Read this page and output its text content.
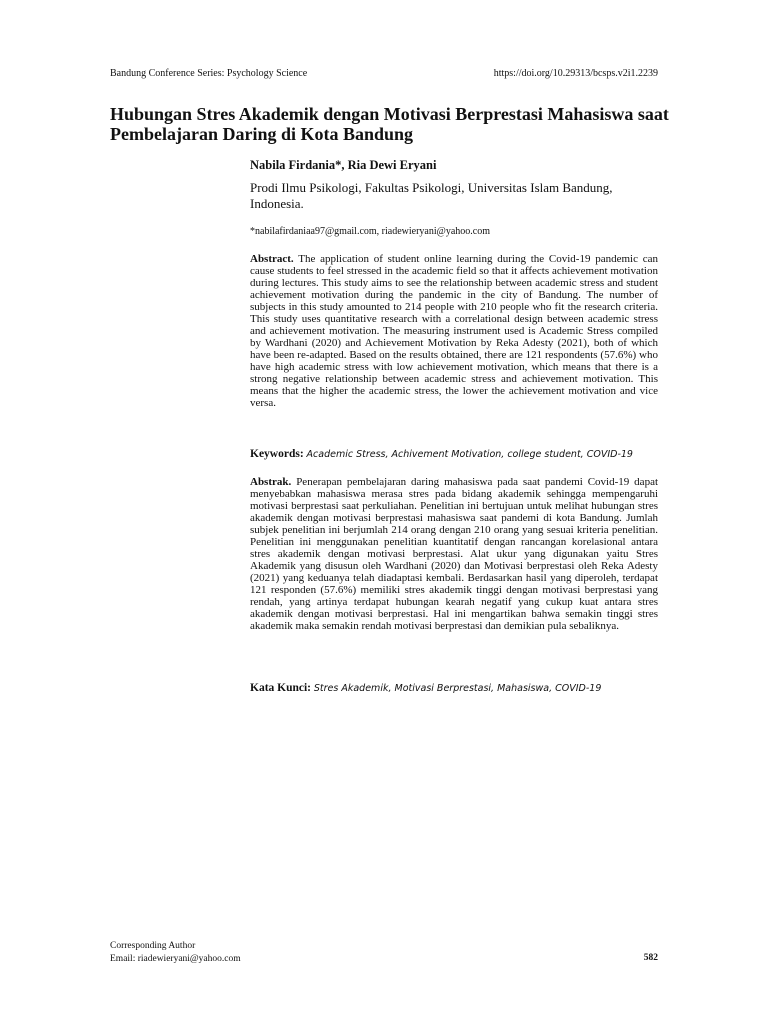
Bandung Conference Series: Psychology Science	https://doi.org/10.29313/bcsps.v2i1.2239
Hubungan Stres Akademik dengan Motivasi Berprestasi Mahasiswa saat Pembelajaran Daring di Kota Bandung
Nabila Firdania*, Ria Dewi Eryani
Prodi Ilmu Psikologi, Fakultas Psikologi, Universitas Islam Bandung, Indonesia.
*nabilafirdaniaa97@gmail.com, riadewieryani@yahoo.com
Abstract. The application of student online learning during the Covid-19 pandemic can cause students to feel stressed in the academic field so that it affects achievement motivation during lectures. This study aims to see the relationship between academic stress and student achievement motivation during the pandemic in the city of Bandung. The number of subjects in this study amounted to 214 people with 210 people who fit the research criteria. This study uses quantitative research with a correlational design between academic stress and achievement motivation. The measuring instrument used is Academic Stress compiled by Wardhani (2020) and Achievement Motivation by Reka Adesty (2021), both of which have been re-adapted. Based on the results obtained, there are 121 respondents (57.6%) who have high academic stress with low achievement motivation, which means that there is a strong negative relationship between academic stress and achievement motivation. This means that the higher the academic stress, the lower the achievement motivation and vice versa.
Keywords: Academic Stress, Achivement Motivation, college student, COVID-19
Abstrak. Penerapan pembelajaran daring mahasiswa pada saat pandemi Covid-19 dapat menyebabkan mahasiswa merasa stres pada bidang akademik sehingga mempengaruhi motivasi berprestasi saat perkuliahan. Penelitian ini bertujuan untuk melihat hubungan stres akademik dengan motivasi berprestasi mahasiswa saat pandemi di kota Bandung. Jumlah subjek penelitian ini berjumlah 214 orang dengan 210 orang yang sesuai kriteria penelitian. Penelitian ini menggunakan penelitian kuantitatif dengan rancangan korelasional antara stres akademik dengan motivasi berprestasi. Alat ukur yang digunakan yaitu Stres Akademik yang disusun oleh Wardhani (2020) dan Motivasi berprestasi oleh Reka Adesty (2021) yang keduanya telah diadaptasi kembali. Berdasarkan hasil yang diperoleh, terdapat 121 responden (57.6%) memiliki stres akademik tinggi dengan motivasi berprestasi yang rendah, yang artinya terdapat hubungan kearah negatif yang cukup kuat antara stres akademik dengan motivasi berprestasi. Hal ini mengartikan bahwa semakin tinggi stres akademik maka semakin rendah motivasi berprestasi dan demikian pula sebaliknya.
Kata Kunci: Stres Akademik, Motivasi Berprestasi, Mahasiswa, COVID-19
Corresponding Author
Email: riadewieryani@yahoo.com	582
